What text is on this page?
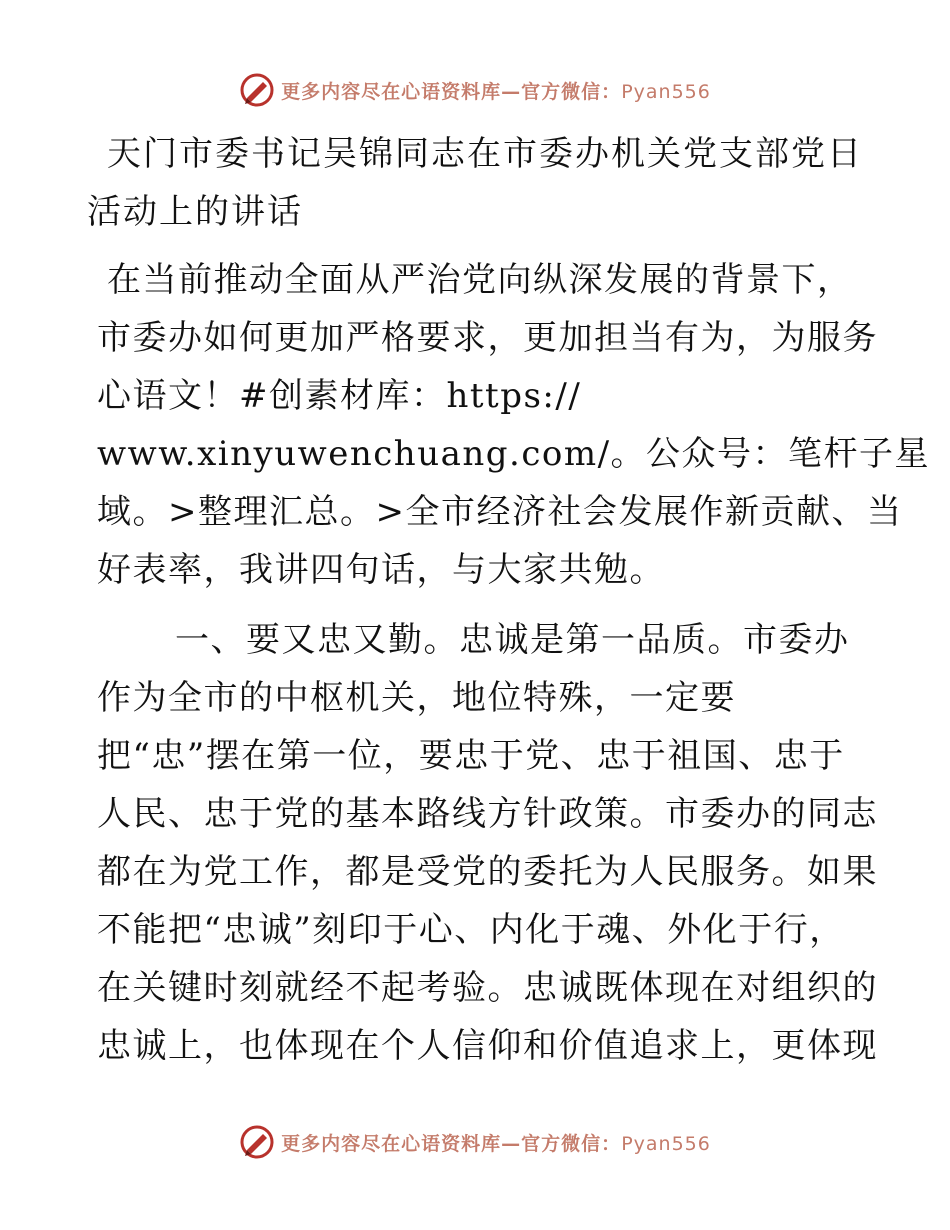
更多内容尽在心语资料库—官方微信：Pyan556
天门市委书记吴锦同志在市委办机关党支部党日
活动上的讲话

在当前推动全面从严治党向纵深发展的背景下，
市委办如何更加严格要求，更加担当有为，为服务
心语文！#创素材库：https://
www.xinyuwenchuang.com/。公众号：笔杆子星
域。>整理汇总。>全市经济社会发展作新贡献、当
好表率，我讲四句话，与大家共勉。

一、要又忠又勤。忠诚是第一品质。市委办
作为全市的中枢机关，地位特殊，一定要
把“忠”摆在第一位，要忠于党、忠于祖国、忠于
人民、忠于党的基本路线方针政策。市委办的同志
都在为党工作，都是受党的委托为人民服务。如果
不能把“忠诚”刻印于心、内化于魂、外化于行，
在关键时刻就经不起考验。忠诚既体现在对组织的
忠诚上，也体现在个人信仰和价值追求上，更体现

更多内容尽在心语资料库—官方微信：Pyan556
